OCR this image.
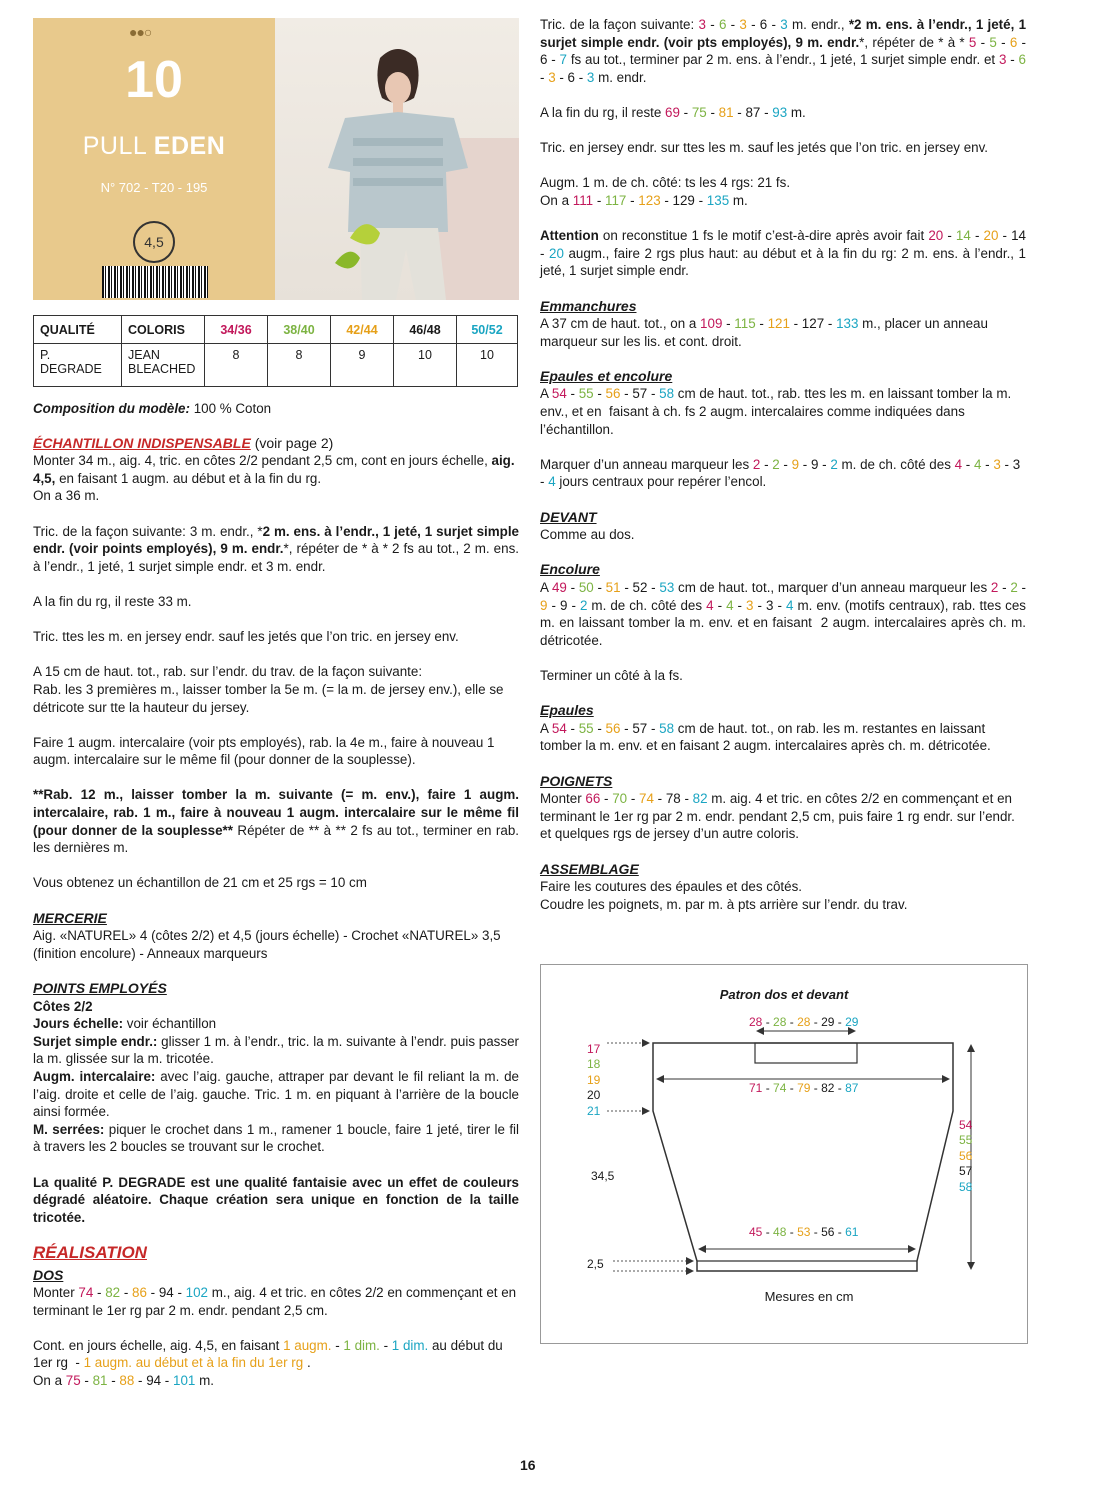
●●○
10
PULL EDEN
N° 702 - T20 - 195
4,5
QUALITÉ	COLORIS	34/36	38/40	42/44	46/48	50/52
P. DEGRADE	JEAN BLEACHED	8	8	9	10	10

Composition du modèle: 100 % Coton

ÉCHANTILLON INDISPENSABLE (voir page 2)

Monter 34 m., aig. 4, tric. en côtes 2/2 pendant 2,5 cm, cont en jours échelle, aig. 4,5, en faisant 1 augm. au début et à la fin du rg.
On a 36 m.

Tric. de la façon suivante: 3 m. endr., *2 m. ens. à l’endr., 1 jeté, 1 surjet simple endr. (voir points employés), 9 m. endr.*, répéter de * à * 2 fs au tot., 2 m. ens. à l’endr., 1 jeté, 1 surjet simple endr. et 3 m. endr.

A la fin du rg, il reste 33 m.

Tric. ttes les m. en jersey endr. sauf les jetés que l’on tric. en jersey env.

A 15 cm de haut. tot., rab. sur l’endr. du trav. de la façon suivante:
Rab. les 3 premières m., laisser tomber la 5e m. (= la m. de jersey env.), elle se détricote sur tte la hauteur du jersey.

Faire 1 augm. intercalaire (voir pts employés), rab. la 4e m., faire à nouveau 1 augm. intercalaire sur le même fil (pour donner de la souplesse).

**Rab. 12 m., laisser tomber la m. suivante (= m. env.), faire 1 augm. intercalaire, rab. 1 m., faire à nouveau 1 augm. intercalaire sur le même fil (pour donner de la souplesse** Répéter de ** à ** 2 fs au tot., terminer en rab. les dernières m.

Vous obtenez un échantillon de 21 cm et 25 rgs = 10 cm

MERCERIE

Aig. «NATUREL» 4 (côtes 2/2) et 4,5 (jours échelle) - Crochet «NATUREL» 3,5 (finition encolure) - Anneaux marqueurs

POINTS EMPLOYÉS

Côtes 2/2
Jours échelle: voir échantillon
Surjet simple endr.: glisser 1 m. à l’endr., tric. la m. suivante à l’endr. puis passer la m. glissée sur la m. tricotée.
Augm. intercalaire: avec l’aig. gauche, attraper par devant le fil reliant la m. de l’aig. droite et celle de l’aig. gauche. Tric. 1 m. en piquant à l’arrière de la boucle ainsi formée.
M. serrées: piquer le crochet dans 1 m., ramener 1 boucle, faire 1 jeté, tirer le fil à travers les 2 boucles se trouvant sur le crochet.

La qualité P. DEGRADE est une qualité fantaisie avec un effet de couleurs dégradé aléatoire. Chaque création sera unique en fonction de la taille tricotée.

RÉALISATION
DOS

Monter 74 - 82 - 86 - 94 - 102 m., aig. 4 et tric. en côtes 2/2 en commençant et en terminant le 1er rg par 2 m. endr. pendant 2,5 cm.

Cont. en jours échelle, aig. 4,5, en faisant 1 augm. - 1 dim. - 1 dim. au début du 1er rg  - 1 augm. au début et à la fin du 1er rg .
On a 75 - 81 - 88 - 94 - 101 m.

Tric. de la façon suivante: 3 - 6 - 3 - 6 - 3 m. endr., *2 m. ens. à l’endr., 1 jeté, 1 surjet simple endr. (voir pts employés), 9 m. endr.*, répéter de * à * 5 - 5 - 6 - 6 - 7 fs au tot., terminer par 2 m. ens. à l’endr., 1 jeté, 1 surjet simple endr. et 3 - 6 - 3 - 6 - 3 m. endr.

A la fin du rg, il reste 69 - 75 - 81 - 87 - 93 m.

Tric. en jersey endr. sur ttes les m. sauf les jetés que l’on tric. en jersey env.

Augm. 1 m. de ch. côté: ts les 4 rgs: 21 fs.
On a 111 - 117 - 123 - 129 - 135 m.

Attention on reconstitue 1 fs le motif c’est-à-dire après avoir fait 20 - 14 - 20 - 14 - 20 augm., faire 2 rgs plus haut: au début et à la fin du rg: 2 m. ens. à l’endr., 1 jeté, 1 surjet simple endr.

Emmanchures

A 37 cm de haut. tot., on a 109 - 115 - 121 - 127 - 133 m., placer un anneau marqueur sur les lis. et cont. droit.

Epaules et encolure

A 54 - 55 - 56 - 57 - 58 cm de haut. tot., rab. ttes les m. en laissant tomber la m. env., et en  faisant à ch. fs 2 augm. intercalaires comme indiquées dans l’échantillon.

Marquer d’un anneau marqueur les 2 - 2 - 9 - 9 - 2 m. de ch. côté des 4 - 4 - 3 - 3 - 4 jours centraux pour repérer l’encol.

DEVANT

Comme au dos.

Encolure

A 49 - 50 - 51 - 52 - 53 cm de haut. tot., marquer d’un anneau marqueur les 2 - 2 - 9 - 9 - 2 m. de ch. côté des 4 - 4 - 3 - 3 - 4 m. env. (motifs centraux), rab. ttes ces m. en laissant tomber la m. env. et en faisant  2 augm. intercalaires après ch. m. détricotée.

Terminer un côté à la fs.

Epaules

A 54 - 55 - 56 - 57 - 58 cm de haut. tot., on rab. les m. restantes en laissant tomber la m. env. et en faisant 2 augm. intercalaires après ch. m. détricotée.

POIGNETS

Monter 66 - 70 - 74 - 78 - 82 m. aig. 4 et tric. en côtes 2/2 en commençant et en terminant le 1er rg par 2 m. endr. pendant 2,5 cm, puis faire 1 rg endr. sur l’endr. et quelques rgs de jersey d’un autre coloris.

ASSEMBLAGE

Faire les coutures des épaules et des côtés.
Coudre les poignets, m. par m. à pts arrière sur l’endr. du trav.

Patron dos et devant
28 - 28 - 28 - 29 - 29
71 - 74 - 79 - 82 - 87
45 - 48 - 53 - 56 - 61
17
18
19
20
21
54
55
56
57
58
34,5
2,5
Mesures en cm
16
